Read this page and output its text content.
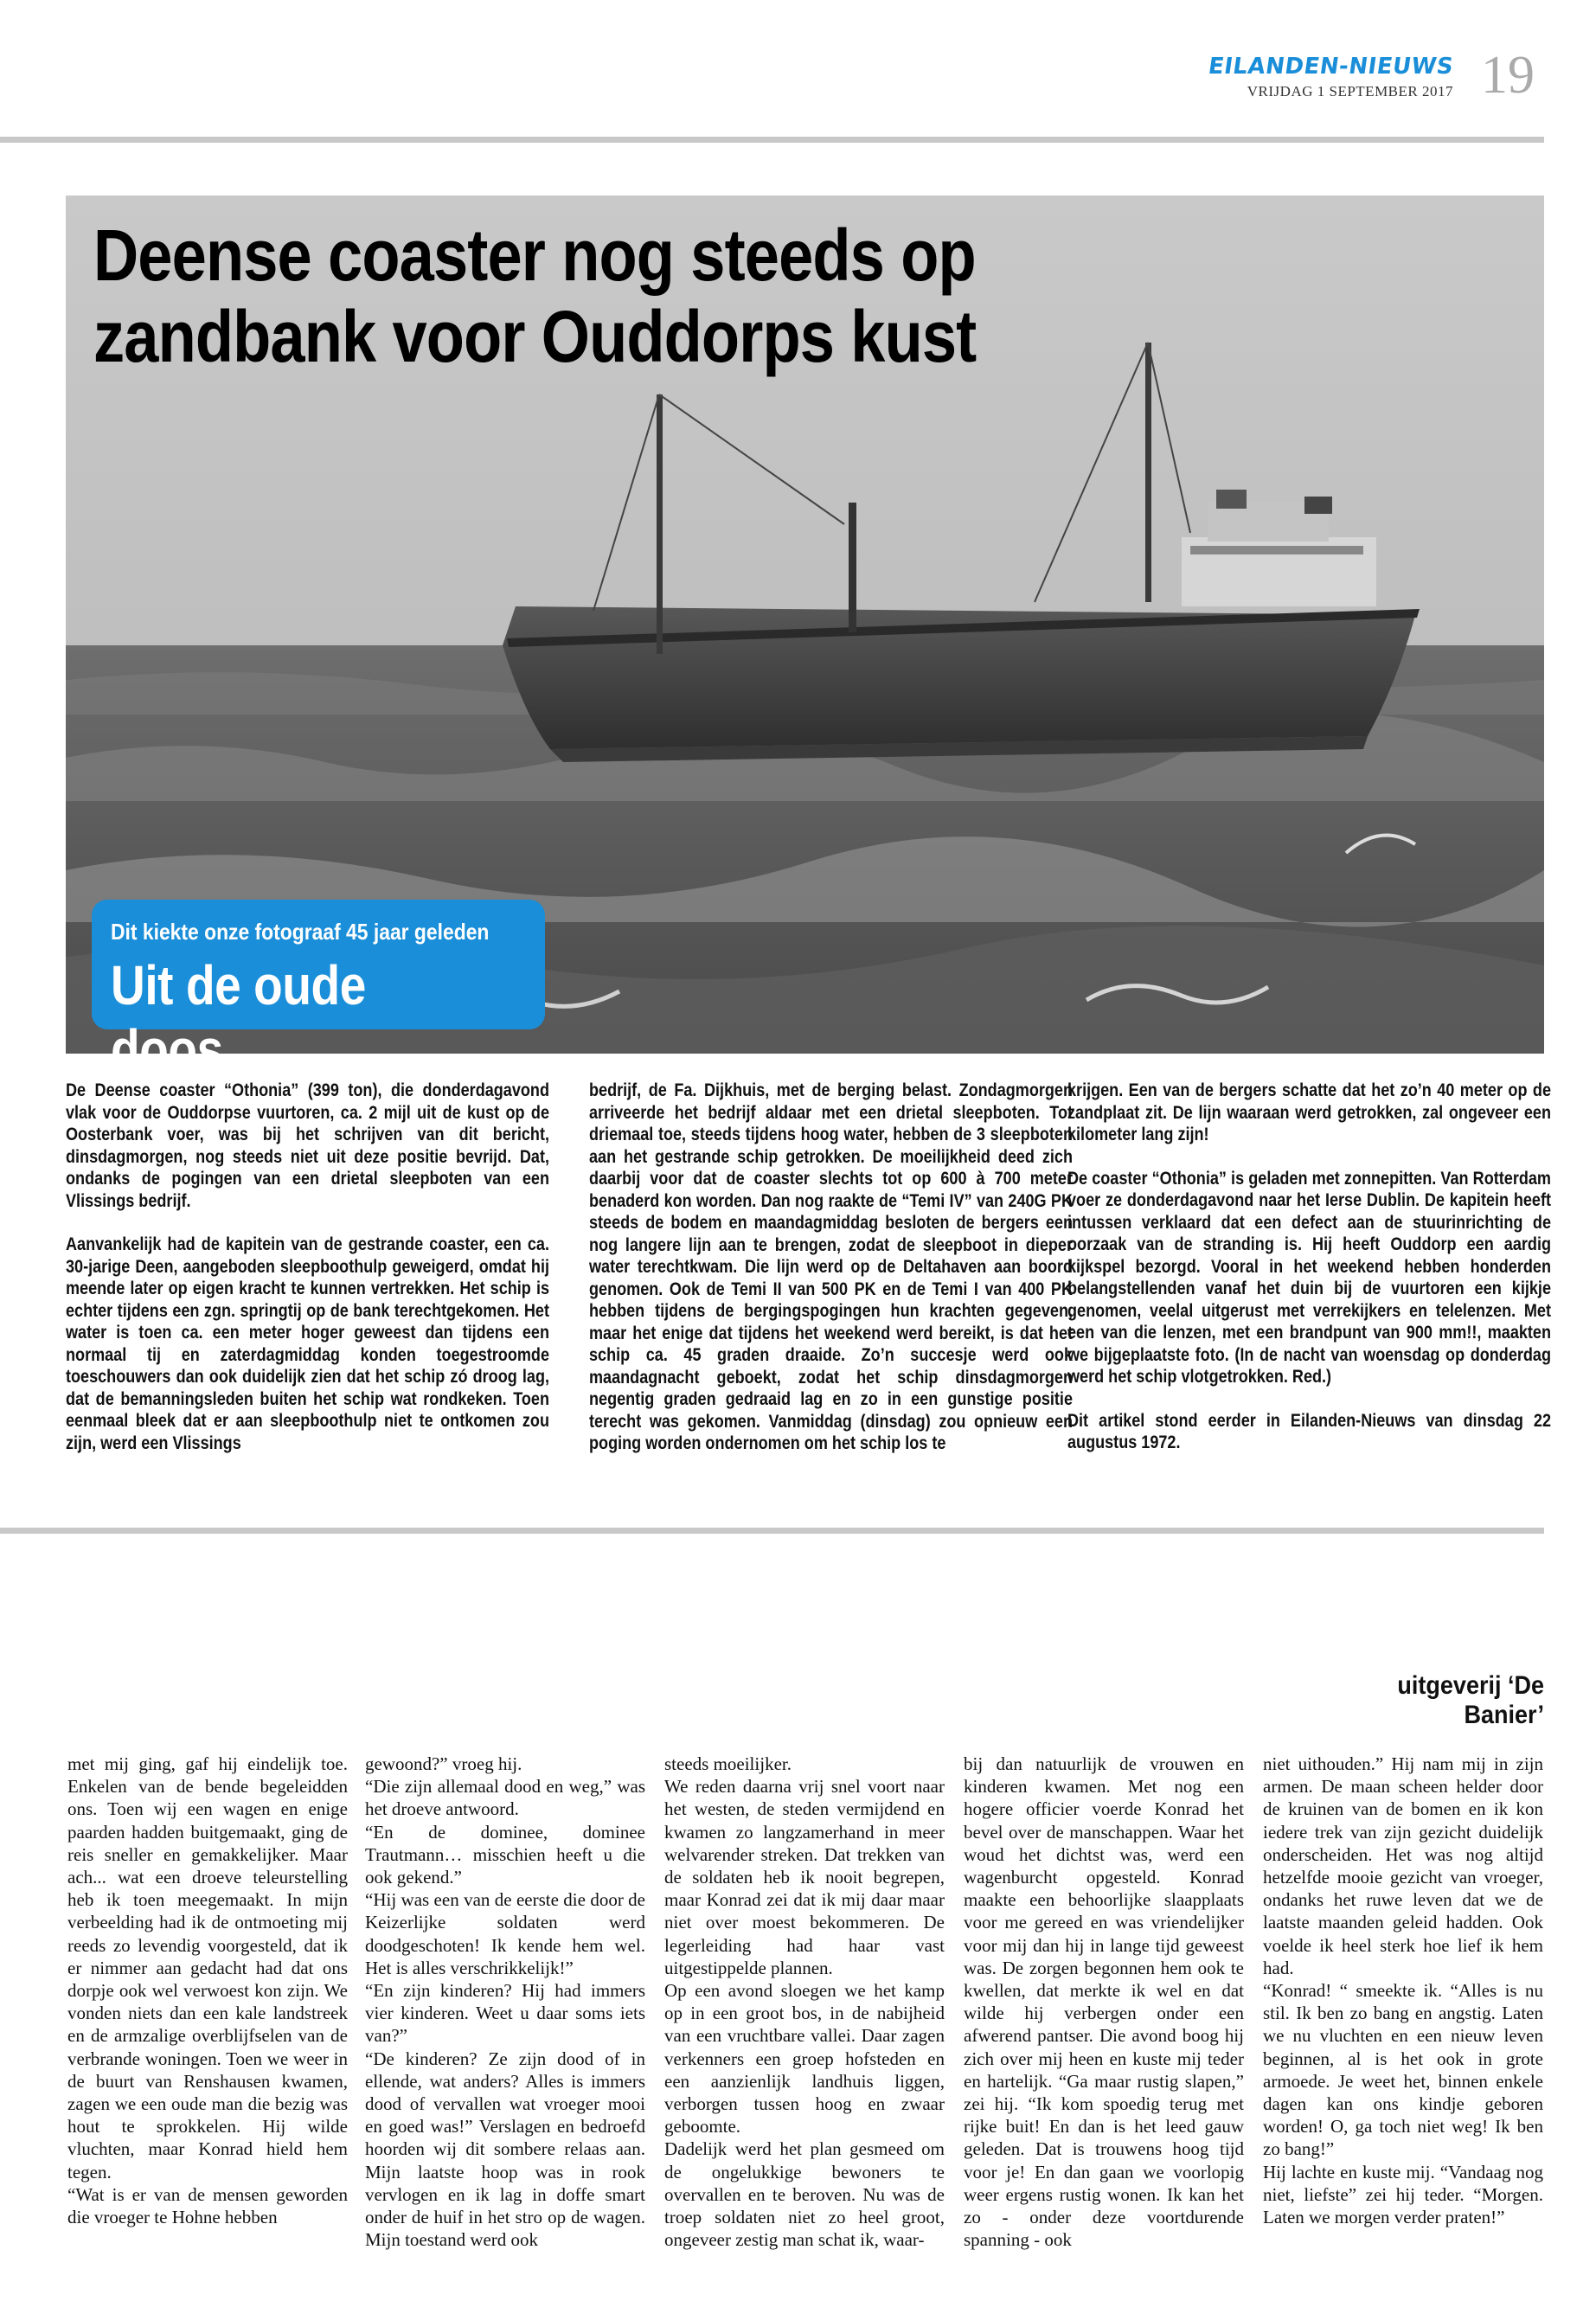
EILANDEN-NIEUWS
VRIJDAG 1 SEPTEMBER 2017 19
Deense coaster nog steeds op zandbank voor Ouddorps kust
Dit kiekte onze fotograaf 45 jaar geleden
Uit de oude doos

De Deense coaster “Othonia” (399 ton), die donderdagavond vlak voor de Ouddorpse vuurtoren, ca. 2 mijl uit de kust op de Oosterbank voer, was bij het schrijven van dit bericht, dinsdagmorgen, nog steeds niet uit deze positie bevrijd. Dat, ondanks de pogingen van een drietal sleepboten van een Vlissings bedrijf.

Aanvankelijk had de kapitein van de gestrande coaster, een ca. 30-jarige Deen, aangeboden sleepboothulp geweigerd, omdat hij meende later op eigen kracht te kunnen vertrekken. Het schip is echter tijdens een zgn. springtij op de bank terechtgekomen. Het water is toen ca. een meter hoger geweest dan tijdens een normaal tij en zaterdagmiddag konden toegestroomde toeschouwers dan ook duidelijk zien dat het schip zó droog lag, dat de bemanningsleden buiten het schip wat rondkeken. Toen eenmaal bleek dat er aan sleepboothulp niet te ontkomen zou zijn, werd een Vlissings

bedrijf, de Fa. Dijkhuis, met de berging belast. Zondagmorgen arriveerde het bedrijf aldaar met een drietal sleepboten. Tot driemaal toe, steeds tijdens hoog water, hebben de 3 sleepboten aan het gestrande schip getrokken. De moeilijkheid deed zich daarbij voor dat de coaster slechts tot op 600 à 700 meter benaderd kon worden. Dan nog raakte de “Temi IV” van 240G PK steeds de bodem en maandagmiddag besloten de bergers een nog langere lijn aan te brengen, zodat de sleepboot in dieper water terechtkwam. Die lijn werd op de Deltahaven aan boord genomen. Ook de Temi II van 500 PK en de Temi I van 400 PK hebben tijdens de bergingspogingen hun krachten gegeven, maar het enige dat tijdens het weekend werd bereikt, is dat het schip ca. 45 graden draaide. Zo’n succesje werd ook maandagnacht geboekt, zodat het schip dinsdagmorgen negentig graden gedraaid lag en zo in een gunstige positie terecht was gekomen. Vanmiddag (dinsdag) zou opnieuw een poging worden ondernomen om het schip los te

krijgen. Een van de bergers schatte dat het zo’n 40 meter op de zandplaat zit. De lijn waaraan werd getrokken, zal ongeveer een kilometer lang zijn!

De coaster “Othonia” is geladen met zonnepitten. Van Rotterdam voer ze donderdagavond naar het Ierse Dublin. De kapitein heeft intussen verklaard dat een defect aan de stuurinrichting de oorzaak van de stranding is. Hij heeft Ouddorp een aardig kijkspel bezorgd. Vooral in het weekend hebben honderden belangstellenden vanaf het duin bij de vuurtoren een kijkje genomen, veelal uitgerust met verrekijkers en telelenzen. Met een van die lenzen, met een brandpunt van 900 mm!!, maakten we bijgeplaatste foto. (In de nacht van woensdag op donderdag werd het schip vlotgetrokken. Red.)

Dit artikel stond eerder in Eilanden-Nieuws van dinsdag 22 augustus 1972.

uitgeverij ‘De Banier’

met mij ging, gaf hij eindelijk toe. Enkelen van de bende begeleidden ons. Toen wij een wagen en enige paarden hadden buitgemaakt, ging de reis sneller en gemakkelijker. Maar ach... wat een droeve teleurstelling heb ik toen meegemaakt. In mijn verbeelding had ik de ontmoeting mij reeds zo levendig voorgesteld, dat ik er nimmer aan gedacht had dat ons dorpje ook wel verwoest kon zijn. We vonden niets dan een kale landstreek en de armzalige overblijfselen van de verbrande woningen. Toen we weer in de buurt van Renshausen kwamen, zagen we een oude man die bezig was hout te sprokkelen. Hij wilde vluchten, maar Konrad hield hem tegen.

“Wat is er van de mensen geworden die vroeger te Hohne hebben

gewoond?” vroeg hij.

“Die zijn allemaal dood en weg,” was het droeve antwoord.

“En de dominee, dominee Trautmann… misschien heeft u die ook gekend.”

“Hij was een van de eerste die door de Keizerlijke soldaten werd doodgeschoten! Ik kende hem wel. Het is alles verschrikkelijk!”

“En zijn kinderen? Hij had immers vier kinderen. Weet u daar soms iets van?”

“De kinderen? Ze zijn dood of in ellende, wat anders? Alles is immers dood of vervallen wat vroeger mooi en goed was!” Verslagen en bedroefd hoorden wij dit sombere relaas aan. Mijn laatste hoop was in rook vervlogen en ik lag in doffe smart onder de huif in het stro op de wagen. Mijn toestand werd ook

steeds moeilijker.

We reden daarna vrij snel voort naar het westen, de steden vermijdend en kwamen zo langzamerhand in meer welvarender streken. Dat trekken van de soldaten heb ik nooit begrepen, maar Konrad zei dat ik mij daar maar niet over moest bekommeren. De legerleiding had haar vast uitgestippelde plannen.

Op een avond sloegen we het kamp op in een groot bos, in de nabijheid van een vruchtbare vallei. Daar zagen verkenners een groep hofsteden en een aanzienlijk landhuis liggen, verborgen tussen hoog en zwaar geboomte.

Dadelijk werd het plan gesmeed om de ongelukkige bewoners te overvallen en te beroven. Nu was de troep soldaten niet zo heel groot, ongeveer zestig man schat ik, waar-

bij dan natuurlijk de vrouwen en kinderen kwamen. Met nog een hogere officier voerde Konrad het bevel over de manschappen. Waar het woud het dichtst was, werd een wagenburcht opgesteld. Konrad maakte een behoorlijke slaapplaats voor me gereed en was vriendelijker voor mij dan hij in lange tijd geweest was. De zorgen begonnen hem ook te kwellen, dat merkte ik wel en dat wilde hij verbergen onder een afwerend pantser. Die avond boog hij zich over mij heen en kuste mij teder en hartelijk. “Ga maar rustig slapen,” zei hij. “Ik kom spoedig terug met rijke buit! En dan is het leed gauw geleden. Dat is trouwens hoog tijd voor je! En dan gaan we voorlopig weer ergens rustig wonen. Ik kan het zo - onder deze voortdurende spanning - ook

niet uithouden.” Hij nam mij in zijn armen. De maan scheen helder door de kruinen van de bomen en ik kon iedere trek van zijn gezicht duidelijk onderscheiden. Het was nog altijd hetzelfde mooie gezicht van vroeger, ondanks het ruwe leven dat we de laatste maanden geleid hadden. Ook voelde ik heel sterk hoe lief ik hem had.

“Konrad! “ smeekte ik. “Alles is nu stil. Ik ben zo bang en angstig. Laten we nu vluchten en een nieuw leven beginnen, al is het ook in grote armoede. Je weet het, binnen enkele dagen kan ons kindje geboren worden! O, ga toch niet weg! Ik ben zo bang!”

Hij lachte en kuste mij. “Vandaag nog niet, liefste” zei hij teder. “Morgen. Laten we morgen verder praten!”
